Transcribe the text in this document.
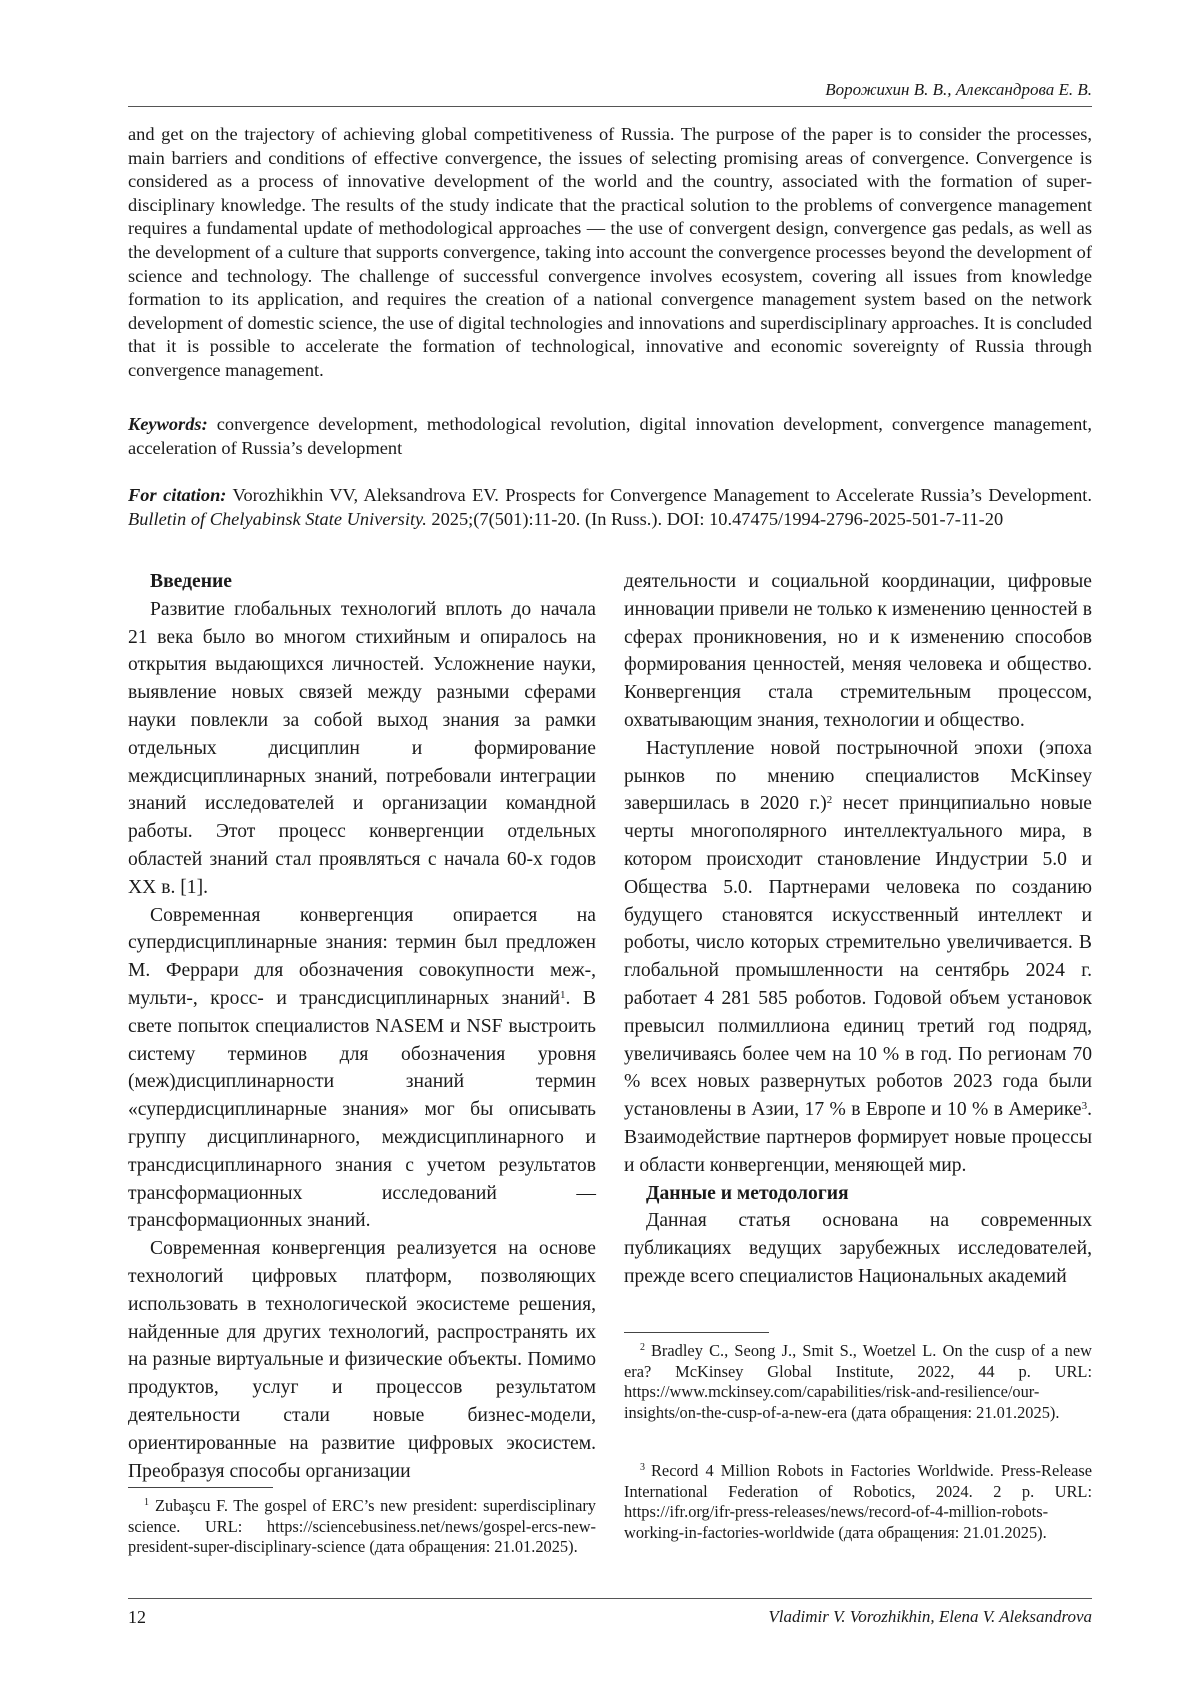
Ворожихин В. В., Александрова Е. В.

and get on the trajectory of achieving global competitiveness of Russia. The purpose of the paper is to consider the processes, main barriers and conditions of effective convergence, the issues of selecting promising areas of convergence. Convergence is considered as a process of innovative development of the world and the country, associated with the formation of super-disciplinary knowledge. The results of the study indicate that the practical solution to the problems of convergence management requires a fundamental update of methodological approaches — the use of convergent design, convergence gas pedals, as well as the development of a culture that supports convergence, taking into account the convergence processes beyond the development of science and technology. The challenge of successful convergence involves ecosystem, covering all issues from knowledge formation to its application, and requires the creation of a national convergence management system based on the network development of domestic science, the use of digital technologies and innovations and superdisciplinary approaches. It is concluded that it is possible to accelerate the formation of technological, innovative and economic sovereignty of Russia through convergence management.

Keywords: convergence development, methodological revolution, digital innovation development, convergence management, acceleration of Russia’s development

For citation: Vorozhikhin VV, Aleksandrova EV. Prospects for Convergence Management to Accelerate Russia’s Development. Bulletin of Chelyabinsk State University. 2025;(7(501):11-20. (In Russ.). DOI: 10.47475/1994-2796-2025-501-7-11-20

Введение

Развитие глобальных технологий вплоть до начала 21 века было во многом стихийным и опиралось на открытия выдающихся личностей. Усложнение науки, выявление новых связей между разными сферами науки повлекли за собой выход знания за рамки отдельных дисциплин и формирование междисциплинарных знаний, потребовали интеграции знаний исследователей и организации командной работы. Этот процесс конвергенции отдельных областей знаний стал проявляться с начала 60-х годов XX в. [1].

Современная конвергенция опирается на супердисциплинарные знания: термин был предложен М. Феррари для обозначения совокупности меж-, мульти-, кросс- и трансдисциплинарных знаний$^1$. В свете попыток специалистов NASEM и NSF выстроить систему терминов для обозначения уровня (меж)дисциплинарности знаний термин «супердисциплинарные знания» мог бы описывать группу дисциплинарного, междисциплинарного и трансдисциплинарного знания с учетом результатов трансформационных исследований — трансформационных знаний.

Современная конвергенция реализуется на основе технологий цифровых платформ, позволяющих использовать в технологической экосистеме решения, найденные для других технологий, распространять их на разные виртуальные и физические объекты. Помимо продуктов, услуг и процессов результатом деятельности стали новые бизнес-модели, ориентированные на развитие цифровых экосистем. Преобразуя способы организации

деятельности и социальной координации, цифровые инновации привели не только к изменению ценностей в сферах проникновения, но и к изменению способов формирования ценностей, меняя человека и общество. Конвергенция стала стремительным процессом, охватывающим знания, технологии и общество.

Наступление новой пострыночной эпохи (эпоха рынков по мнению специалистов McKinsey завершилась в 2020 г.)$^2$ несет принципиально новые черты многополярного интеллектуального мира, в котором происходит становление Индустрии 5.0 и Общества 5.0. Партнерами человека по созданию будущего становятся искусственный интеллект и роботы, число которых стремительно увеличивается. В глобальной промышленности на сентябрь 2024 г. работает 4 281 585 роботов. Годовой объем установок превысил полмиллиона единиц третий год подряд, увеличиваясь более чем на 10 % в год. По регионам 70 % всех новых развернутых роботов 2023 года были установлены в Азии, 17 % в Европе и 10 % в Америке$^3$. Взаимодействие партнеров формирует новые процессы и области конвергенции, меняющей мир.

Данные и методология

Данная статья основана на современных публикациях ведущих зарубежных исследователей, прежде всего специалистов Национальных академий

$^1$ Zubaşcu F. The gospel of ERC’s new president: superdisciplinary science. URL: https://sciencebusiness.net/news/gospel-ercs-new-president-super-disciplinary-science (дата обращения: 21.01.2025).

$^2$ Bradley C., Seong J., Smit S., Woetzel L. On the cusp of a new era? McKinsey Global Institute, 2022, 44 p. URL: https://www.mckinsey.com/capabilities/risk-and-resilience/our-insights/on-the-cusp-of-a-new-era (дата обращения: 21.01.2025).

$^3$ Record 4 Million Robots in Factories Worldwide. Press-Release International Federation of Robotics, 2024. 2 p. URL: https://ifr.org/ifr-press-releases/news/record-of-4-million-robots-working-in-factories-worldwide (дата обращения: 21.01.2025).

12	Vladimir V. Vorozhikhin, Elena V. Aleksandrova
